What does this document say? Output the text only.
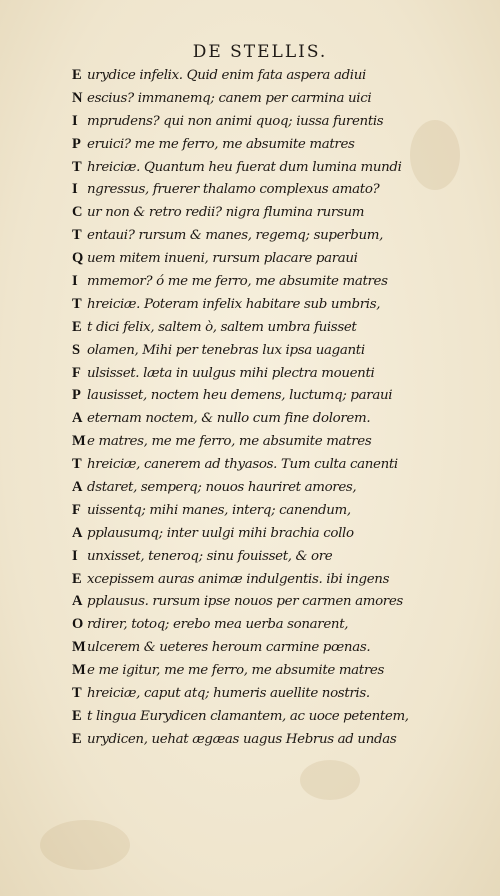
DE STELLIS.
E urydice infelix. Quid enim fata aspera adiui
N escius? immanemq; canem per carmina uici
I mprudens? qui non animi quoq; iussa furentis
P eruici? me me ferro, me absumite matres
T hreiciæ. Quantum heu fuerat dum lumina mundi
I ngressus, fruerer thalamo complexus amato?
C ur non & retro redii? nigra flumina rursum
T entaui? rursum & manes, regemq; superbum,
Q uem mitem inueni, rursum placare paraui
I mmemor? ó me me ferro, me absumite matres
T hreiciæ. Poteram infelix habitare sub umbris,
E t dici felix, saltem ò, saltem umbra fuisset
S olamen, Mihi per tenebras lux ipsa uaganti
F ulsisset. læta in uulgus mihi plectra mouenti
P lausisset, noctem heu demens, luctumq; paraui
A eternam noctem, & nullo cum fine dolorem.
M e matres, me me ferro, me absumite matres
T hreiciæ, canerem ad thyasos. Tum culta canenti
A dstaret, semperq; nouos hauriret amores,
F uissentq; mihi manes, interq; canendum,
A pplausumq; inter uulgi mihi brachia collo
I unxisset, teneroq; sinu fouisset, & ore
E xcepissem auras animæ indulgentis. ibi ingens
A pplausus. rursum ipse nouos per carmen amores
O rdirer, totoq; erebo mea uerba sonarent,
M ulcerem & ueteres heroum carmine pœnas.
M e me igitur, me me ferro, me absumite matres
T hreiciæ, caput atq; humeris auellite nostris.
E t lingua Eurydicen clamantem, ac uoce petentem,
E urydicen, uehat ægæas uagus Hebrus ad undas
